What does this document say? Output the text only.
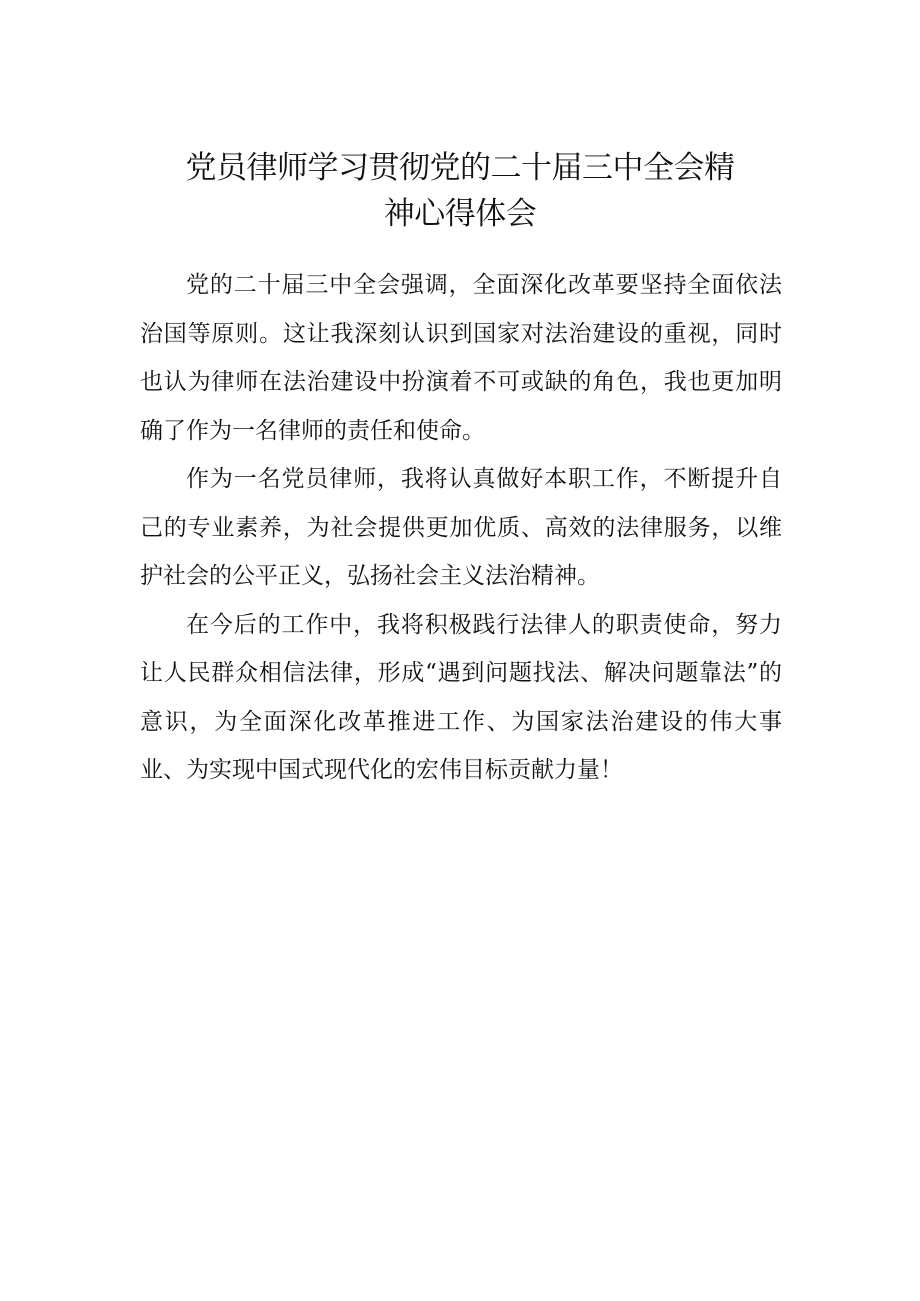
党员律师学习贯彻党的二十届三中全会精
神心得体会

党的二十届三中全会强调，全面深化改革要坚持全面依法治国等原则。这让我深刻认识到国家对法治建设的重视，同时也认为律师在法治建设中扮演着不可或缺的角色，我也更加明确了作为一名律师的责任和使命。

作为一名党员律师，我将认真做好本职工作，不断提升自己的专业素养，为社会提供更加优质、高效的法律服务，以维护社会的公平正义，弘扬社会主义法治精神。

在今后的工作中，我将积极践行法律人的职责使命，努力让人民群众相信法律，形成“遇到问题找法、解决问题靠法”的意识，为全面深化改革推进工作、为国家法治建设的伟大事业、为实现中国式现代化的宏伟目标贡献力量！
